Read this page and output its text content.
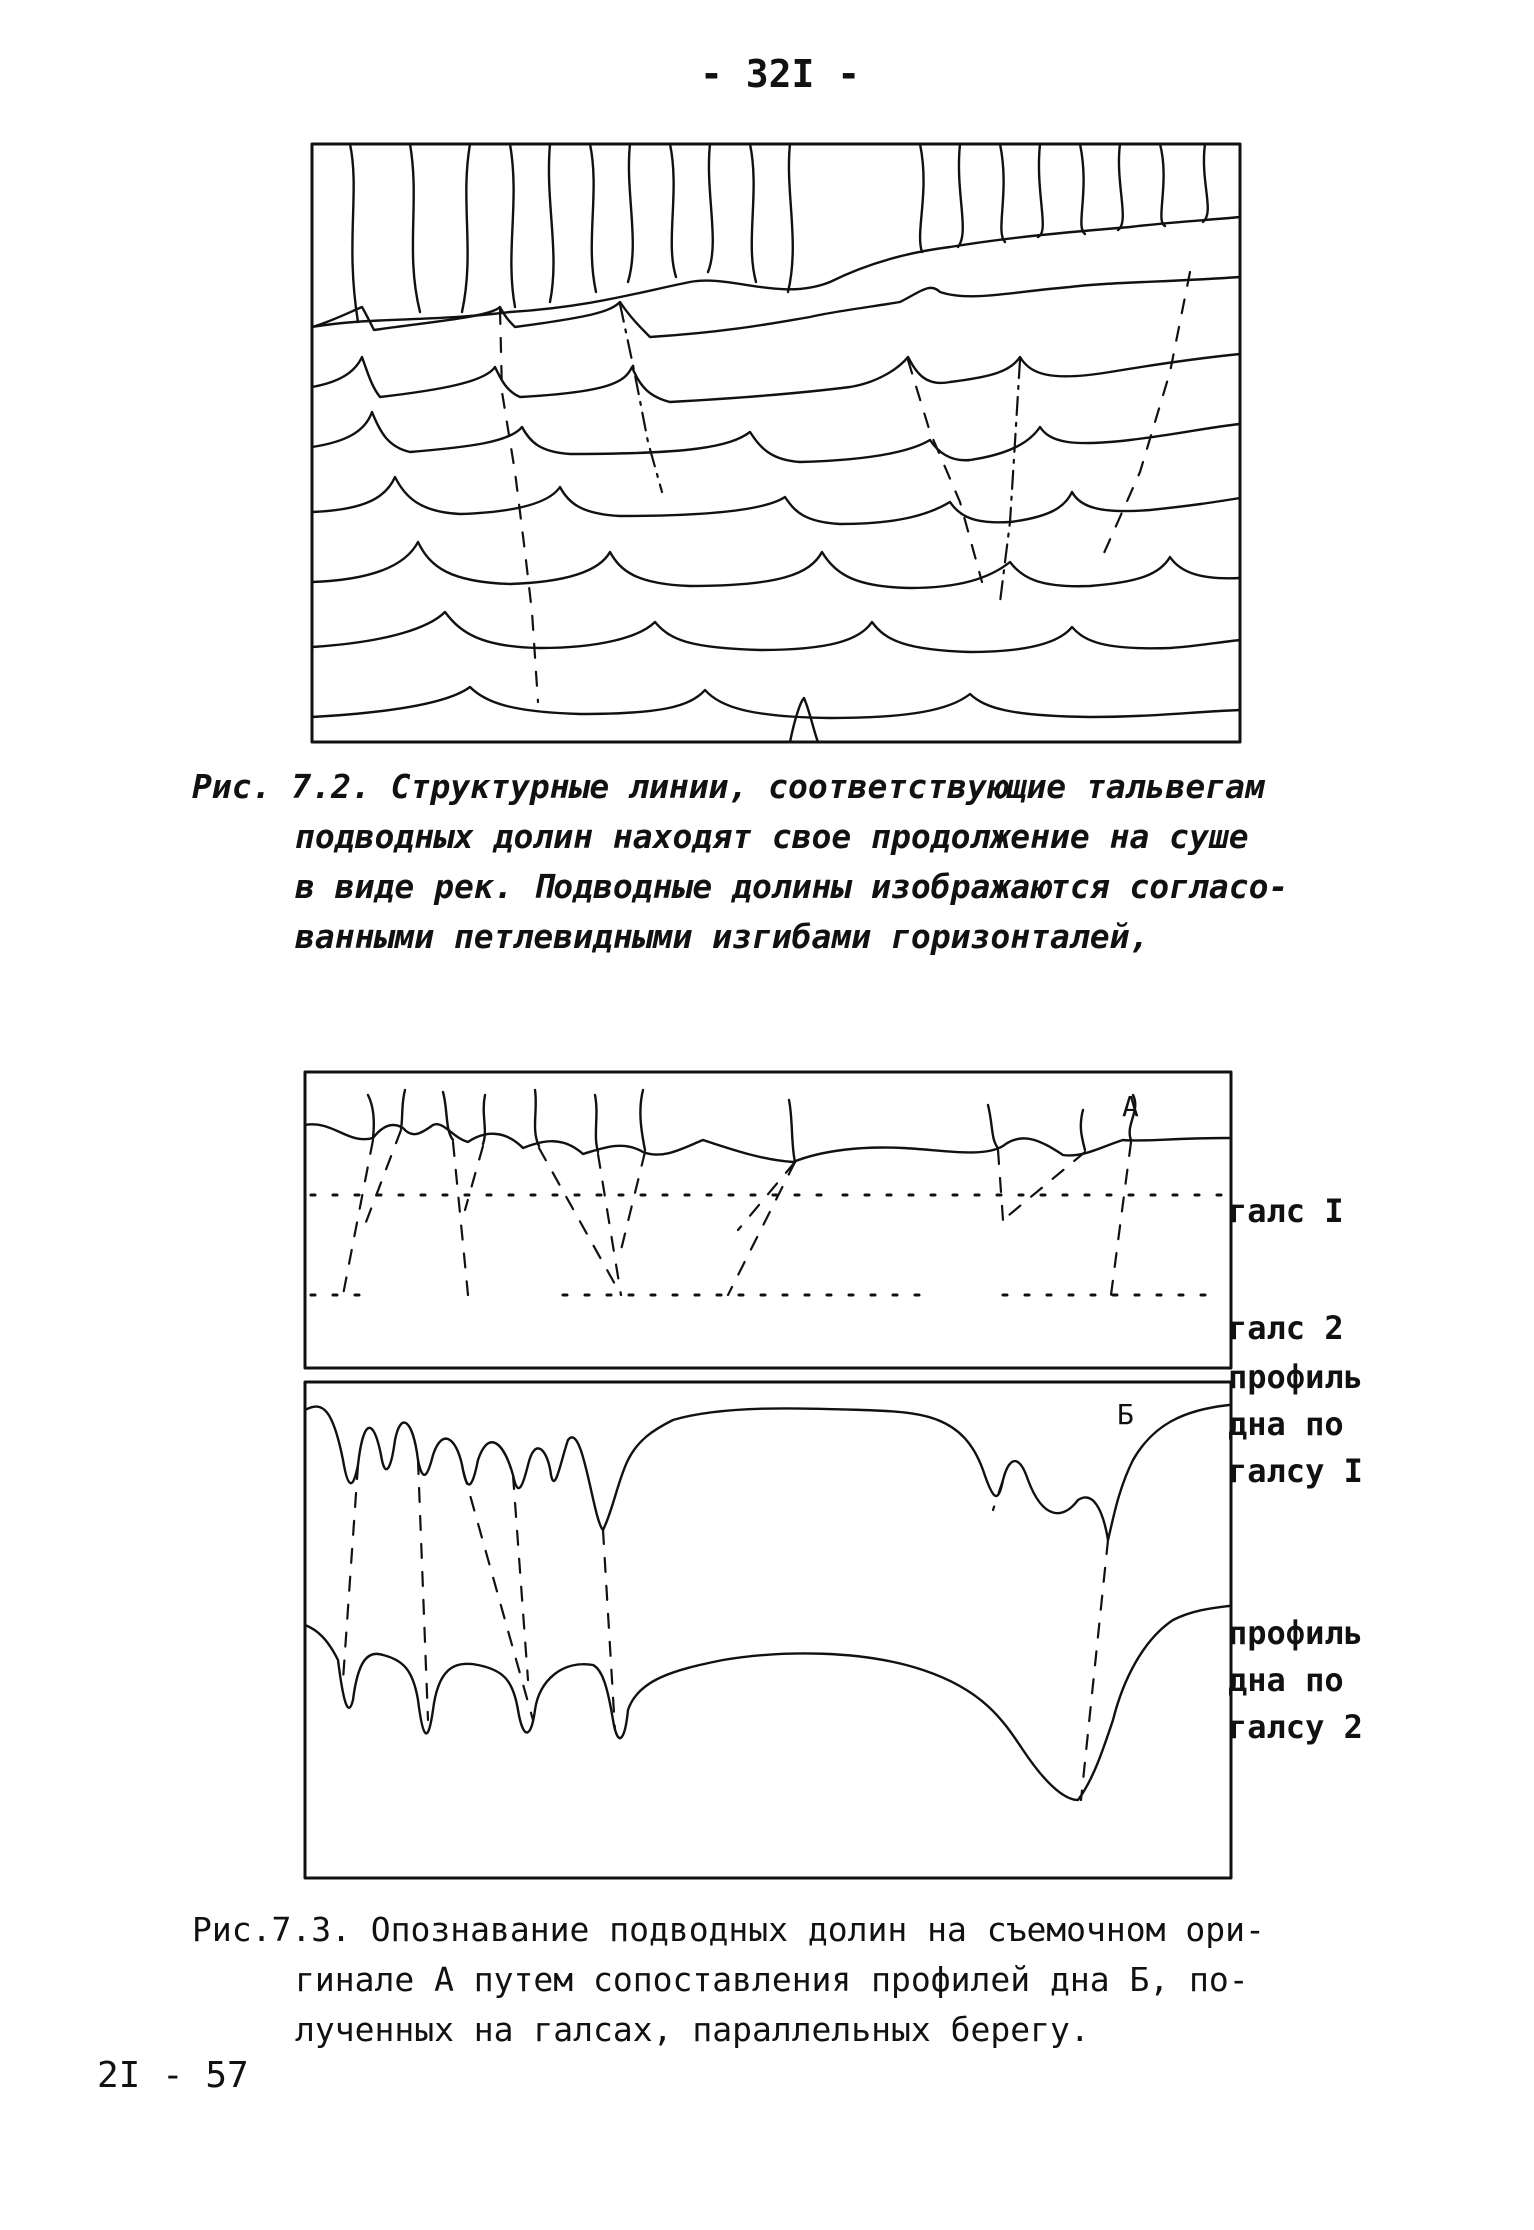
- 32I -
Рис. 7.2. Структурные линии, соответствующие тальвегам
подводных долин находят свое продолжение на суше
в виде рек. Подводные долины изображаются согласо-
ванными петлевидными изгибами горизонталей,
А
Б
галс I
галс 2
профиль
дна по
галсу I
профиль
дна по
галсу 2
Рис.7.3. Опознавание подводных долин на съемочном ори-
гинале А путем сопоставления профилей дна Б, по-
лученных на галсах, параллельных берегу.
2I - 57
